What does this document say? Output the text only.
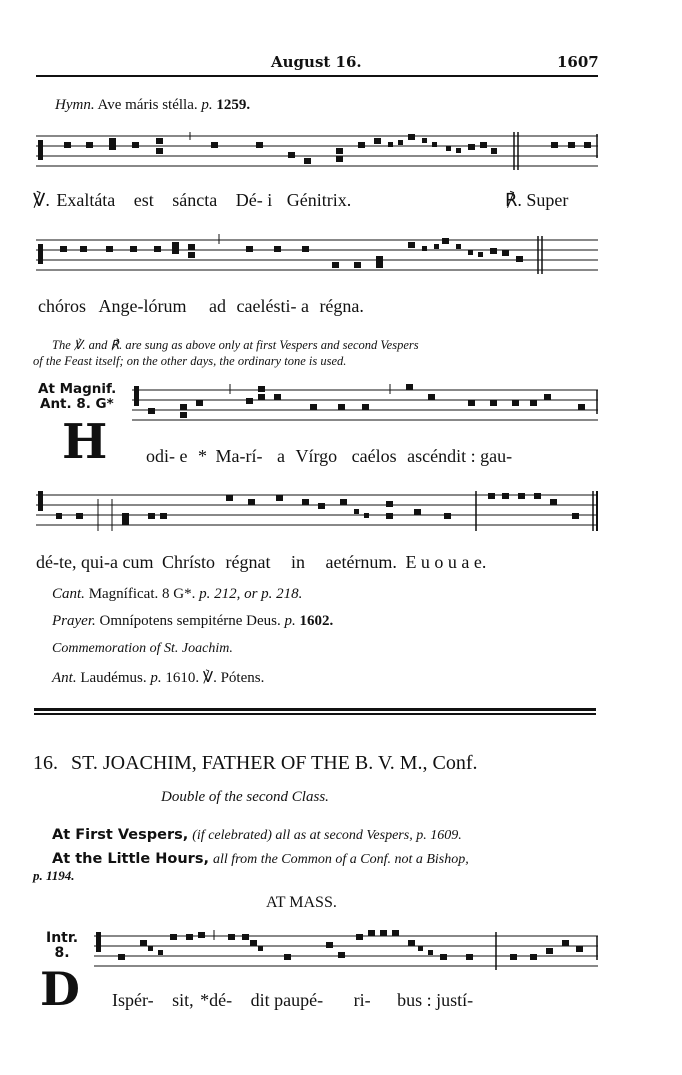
August 16.	1607
Hymn. Ave máris stélla. p. 1259.
℣. Exaltáta est sáncta Dé- i Génitrix.	℟. Super
chóros Ange-lórum ad caelésti- a régna.
The ℣. and ℟. are sung as above only at first Vespers and second Vespers
of the Feast itself; on the other days, the ordinary tone is used.
At Magnif.
Ant. 8. G*
H odi- e * Ma-rí- a Vírgo caélos ascéndit : gau-
dé-te, qui-a cum Chrísto régnat in aetérnum. E u o u a e.
Cant. Magníficat. 8 G*. p. 212, or p. 218.
Prayer. Omnípotens sempitérne Deus. p. 1602.
Commemoration of St. Joachim.
Ant. Laudémus. p. 1610. ℣. Pótens.
16. ST. JOACHIM, FATHER OF THE B. V. M., Conf.
Double of the second Class.
At First Vespers, (if celebrated) all as at second Vespers, p. 1609.
At the Little Hours, all from the Common of a Conf. not a Bishop,
p. 1194.
AT MASS.
Intr.
8.
D Ispér- sit, *dé- dit paupé- ri- bus : justí-
